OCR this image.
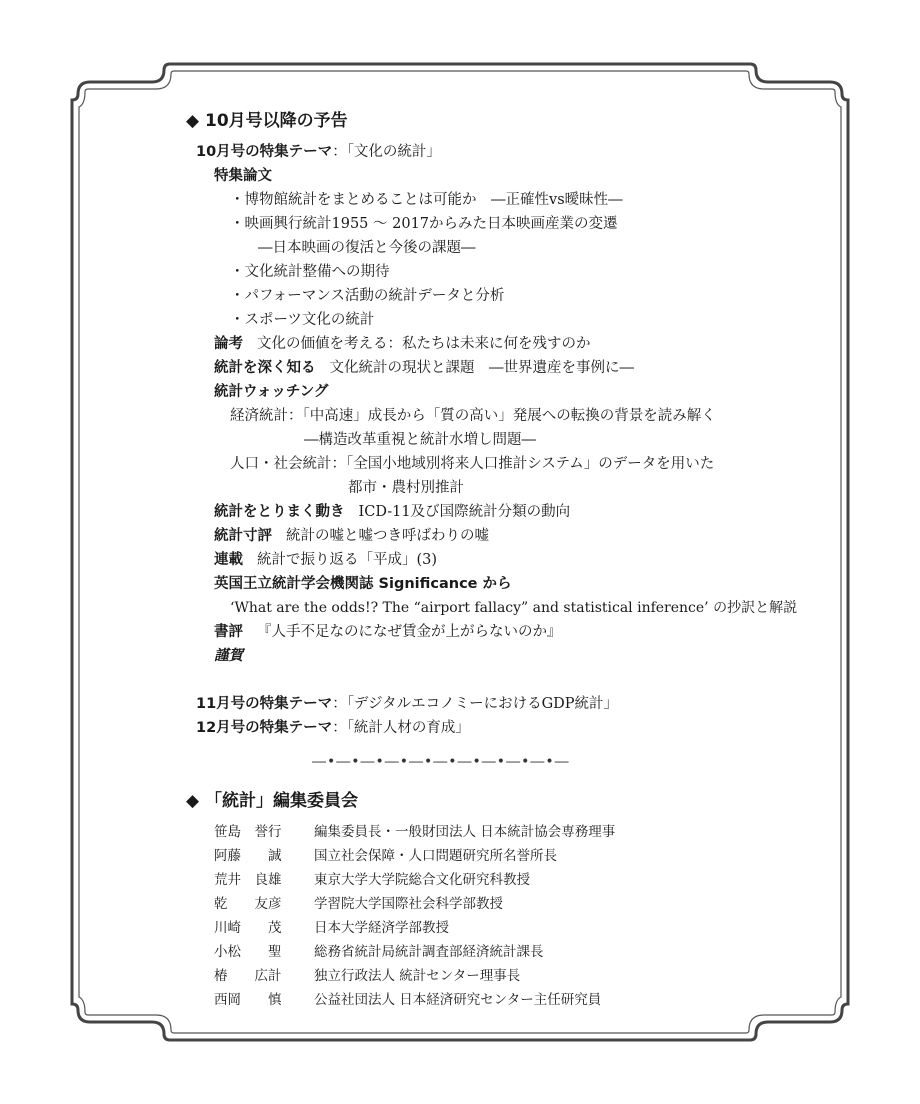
◆ 10月号以降の予告
10月号の特集テーマ：「文化の統計」
特集論文
・博物館統計をまとめることは可能か　―正確性vs曖昧性―
・映画興行統計1955 ～ 2017からみた日本映画産業の変遷
―日本映画の復活と今後の課題―
・文化統計整備への期待
・パフォーマンス活動の統計データと分析
・スポーツ文化の統計
論考 文化の価値を考える：私たちは未来に何を残すのか
統計を深く知る 文化統計の現状と課題　―世界遺産を事例に―
統計ウォッチング
経済統計：「中高速」成長から「質の高い」発展への転換の背景を読み解く
―構造改革重視と統計水増し問題―
人口・社会統計：「全国小地域別将来人口推計システム」のデータを用いた
都市・農村別推計
統計をとりまく動き ICD-11及び国際統計分類の動向
統計寸評 統計の嘘と嘘つき呼ばわりの嘘
連載 統計で振り返る「平成」(3)
英国王立統計学会機関誌 Significance から
‘What are the odds!? The “airport fallacy” and statistical inference’ の抄訳と解説
書評 『人手不足なのになぜ賃金が上がらないのか』
謹賀
11月号の特集テーマ：「デジタルエコノミーにおけるGDP統計」
12月号の特集テーマ：「統計人材の育成」
―•―•―•―•―•―•―•―•―•―•―
◆ 「統計」編集委員会
笹島　誉行 編集委員長・一般財団法人 日本統計協会専務理事
阿藤　　誠 国立社会保障・人口問題研究所名誉所長
荒井　良雄 東京大学大学院総合文化研究科教授
乾　　友彦 学習院大学国際社会科学部教授
川崎　　茂 日本大学経済学部教授
小松　　聖 総務省統計局統計調査部経済統計課長
椿　　広計 独立行政法人 統計センター理事長
西岡　　慎 公益社団法人 日本経済研究センター主任研究員
